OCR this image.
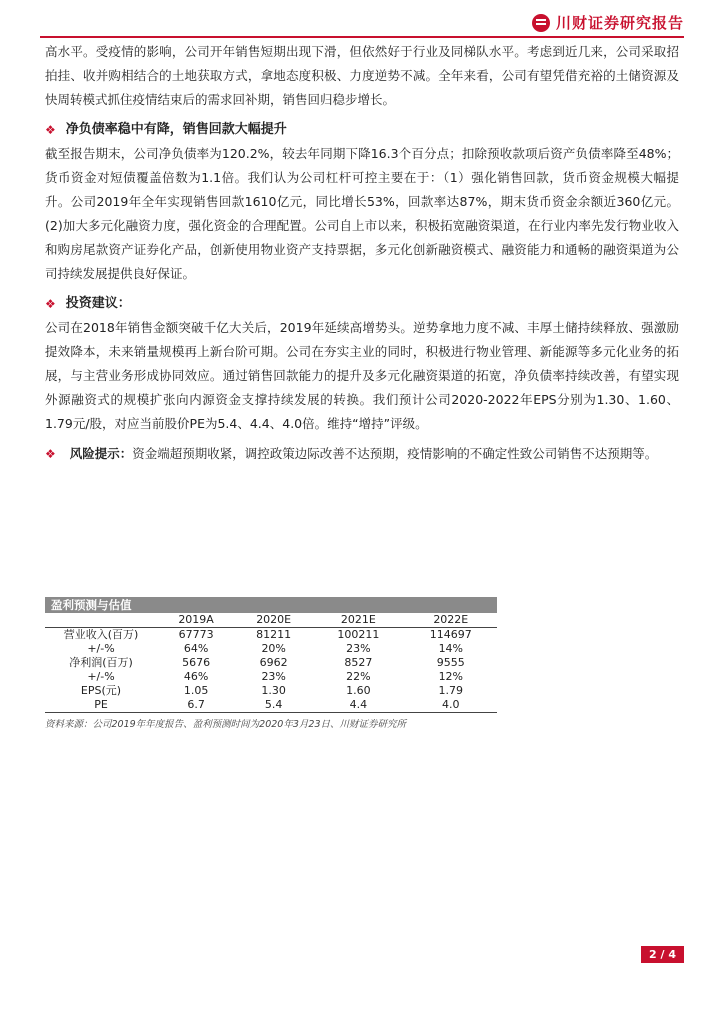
川财证券研究报告

高水平。受疫情的影响，公司开年销售短期出现下滑，但依然好于行业及同梯队水平。考虑到近几来，公司采取招拍挂、收并购相结合的土地获取方式，拿地态度积极、力度逆势不减。全年来看，公司有望凭借充裕的土储资源及快周转模式抓住疫情结束后的需求回补期，销售回归稳步增长。

❖ 净负债率稳中有降，销售回款大幅提升

截至报告期末，公司净负债率为120.2%，较去年同期下降16.3个百分点；扣除预收款项后资产负债率降至48%；货币资金对短债覆盖倍数为1.1倍。我们认为公司杠杆可控主要在于：（1）强化销售回款，货币资金规模大幅提升。公司2019年全年实现销售回款1610亿元，同比增长53%，回款率达87%，期末货币资金余额近360亿元。(2)加大多元化融资力度，强化资金的合理配置。公司自上市以来，积极拓宽融资渠道，在行业内率先发行物业收入和购房尾款资产证券化产品，创新使用物业资产支持票据，多元化创新融资模式、融资能力和通畅的融资渠道为公司持续发展提供良好保证。

❖ 投资建议：

公司在2018年销售金额突破千亿大关后，2019年延续高增势头。逆势拿地力度不减、丰厚土储持续释放、强激励提效降本，未来销量规模再上新台阶可期。公司在夯实主业的同时，积极进行物业管理、新能源等多元化业务的拓展，与主营业务形成协同效应。通过销售回款能力的提升及多元化融资渠道的拓宽，净负债率持续改善，有望实现外源融资式的规模扩张向内源资金支撑持续发展的转换。我们预计公司2020-2022年EPS分别为1.30、1.60、1.79元/股，对应当前股价PE为5.4、4.4、4.0倍。维持“增持”评级。

❖ 风险提示：资金端超预期收紧，调控政策边际改善不达预期，疫情影响的不确定性致公司销售不达预期等。

盈利预测与估值
	2019A	2020E	2021E	2022E
营业收入(百万)	67773	81211	100211	114697
+/-%	64%	20%	23%	14%
净利润(百万)	5676	6962	8527	9555
+/-%	46%	23%	22%	12%
EPS(元)	1.05	1.30	1.60	1.79
PE	6.7	5.4	4.4	4.0
资料来源：公司2019年年度报告、盈利预测时间为2020年3月23日、川财证券研究所
2 / 4
